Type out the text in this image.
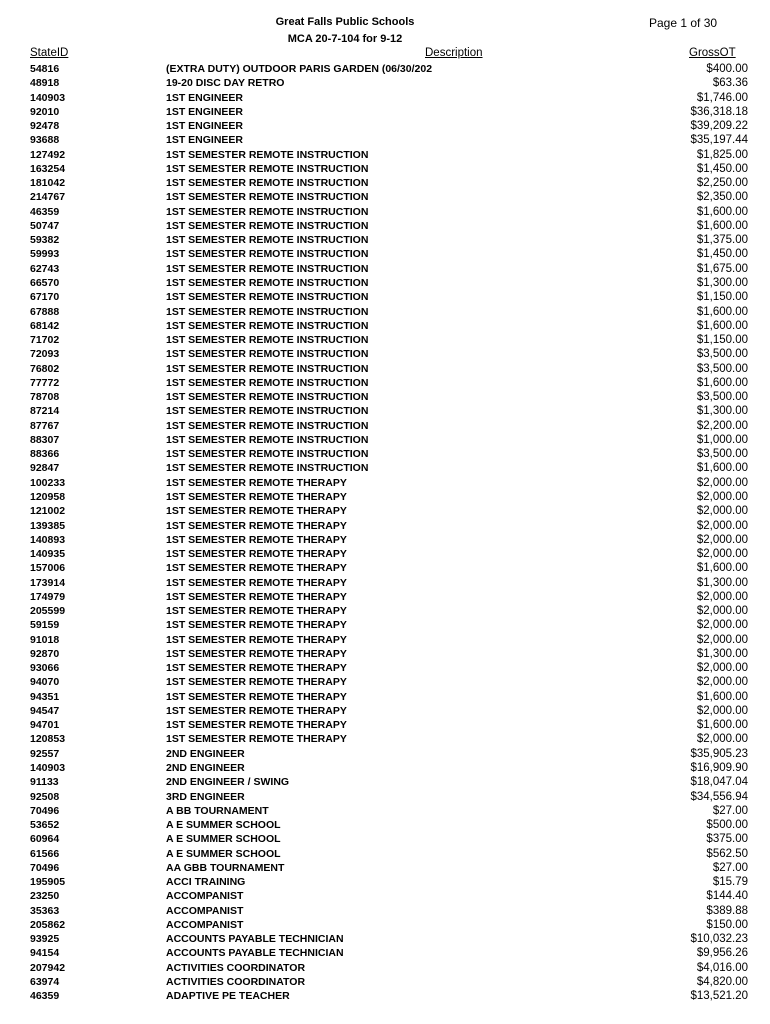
Great Falls Public Schools
MCA 20-7-104 for 9-12
Page 1 of 30
StateID	Description	GrossOT
54816	(EXTRA DUTY) OUTDOOR PARIS GARDEN (06/30/202	$400.00
48918	19-20 DISC DAY RETRO	$63.36
140903	1ST ENGINEER	$1,746.00
92010	1ST ENGINEER	$36,318.18
92478	1ST ENGINEER	$39,209.22
93688	1ST ENGINEER	$35,197.44
127492	1ST SEMESTER REMOTE INSTRUCTION	$1,825.00
163254	1ST SEMESTER REMOTE INSTRUCTION	$1,450.00
181042	1ST SEMESTER REMOTE INSTRUCTION	$2,250.00
214767	1ST SEMESTER REMOTE INSTRUCTION	$2,350.00
46359	1ST SEMESTER REMOTE INSTRUCTION	$1,600.00
50747	1ST SEMESTER REMOTE INSTRUCTION	$1,600.00
59382	1ST SEMESTER REMOTE INSTRUCTION	$1,375.00
59993	1ST SEMESTER REMOTE INSTRUCTION	$1,450.00
62743	1ST SEMESTER REMOTE INSTRUCTION	$1,675.00
66570	1ST SEMESTER REMOTE INSTRUCTION	$1,300.00
67170	1ST SEMESTER REMOTE INSTRUCTION	$1,150.00
67888	1ST SEMESTER REMOTE INSTRUCTION	$1,600.00
68142	1ST SEMESTER REMOTE INSTRUCTION	$1,600.00
71702	1ST SEMESTER REMOTE INSTRUCTION	$1,150.00
72093	1ST SEMESTER REMOTE INSTRUCTION	$3,500.00
76802	1ST SEMESTER REMOTE INSTRUCTION	$3,500.00
77772	1ST SEMESTER REMOTE INSTRUCTION	$1,600.00
78708	1ST SEMESTER REMOTE INSTRUCTION	$3,500.00
87214	1ST SEMESTER REMOTE INSTRUCTION	$1,300.00
87767	1ST SEMESTER REMOTE INSTRUCTION	$2,200.00
88307	1ST SEMESTER REMOTE INSTRUCTION	$1,000.00
88366	1ST SEMESTER REMOTE INSTRUCTION	$3,500.00
92847	1ST SEMESTER REMOTE INSTRUCTION	$1,600.00
100233	1ST SEMESTER REMOTE THERAPY	$2,000.00
120958	1ST SEMESTER REMOTE THERAPY	$2,000.00
121002	1ST SEMESTER REMOTE THERAPY	$2,000.00
139385	1ST SEMESTER REMOTE THERAPY	$2,000.00
140893	1ST SEMESTER REMOTE THERAPY	$2,000.00
140935	1ST SEMESTER REMOTE THERAPY	$2,000.00
157006	1ST SEMESTER REMOTE THERAPY	$1,600.00
173914	1ST SEMESTER REMOTE THERAPY	$1,300.00
174979	1ST SEMESTER REMOTE THERAPY	$2,000.00
205599	1ST SEMESTER REMOTE THERAPY	$2,000.00
59159	1ST SEMESTER REMOTE THERAPY	$2,000.00
91018	1ST SEMESTER REMOTE THERAPY	$2,000.00
92870	1ST SEMESTER REMOTE THERAPY	$1,300.00
93066	1ST SEMESTER REMOTE THERAPY	$2,000.00
94070	1ST SEMESTER REMOTE THERAPY	$2,000.00
94351	1ST SEMESTER REMOTE THERAPY	$1,600.00
94547	1ST SEMESTER REMOTE THERAPY	$2,000.00
94701	1ST SEMESTER REMOTE THERAPY	$1,600.00
120853	1ST SEMESTER REMOTE THERAPY	$2,000.00
92557	2ND ENGINEER	$35,905.23
140903	2ND ENGINEER	$16,909.90
91133	2ND ENGINEER / SWING	$18,047.04
92508	3RD ENGINEER	$34,556.94
70496	A BB TOURNAMENT	$27.00
53652	A E SUMMER SCHOOL	$500.00
60964	A E SUMMER SCHOOL	$375.00
61566	A E SUMMER SCHOOL	$562.50
70496	AA GBB TOURNAMENT	$27.00
195905	ACCI TRAINING	$15.79
23250	ACCOMPANIST	$144.40
35363	ACCOMPANIST	$389.88
205862	ACCOMPANIST	$150.00
93925	ACCOUNTS PAYABLE TECHNICIAN	$10,032.23
94154	ACCOUNTS PAYABLE TECHNICIAN	$9,956.26
207942	ACTIVITIES COORDINATOR	$4,016.00
63974	ACTIVITIES COORDINATOR	$4,820.00
46359	ADAPTIVE PE TEACHER	$13,521.20
